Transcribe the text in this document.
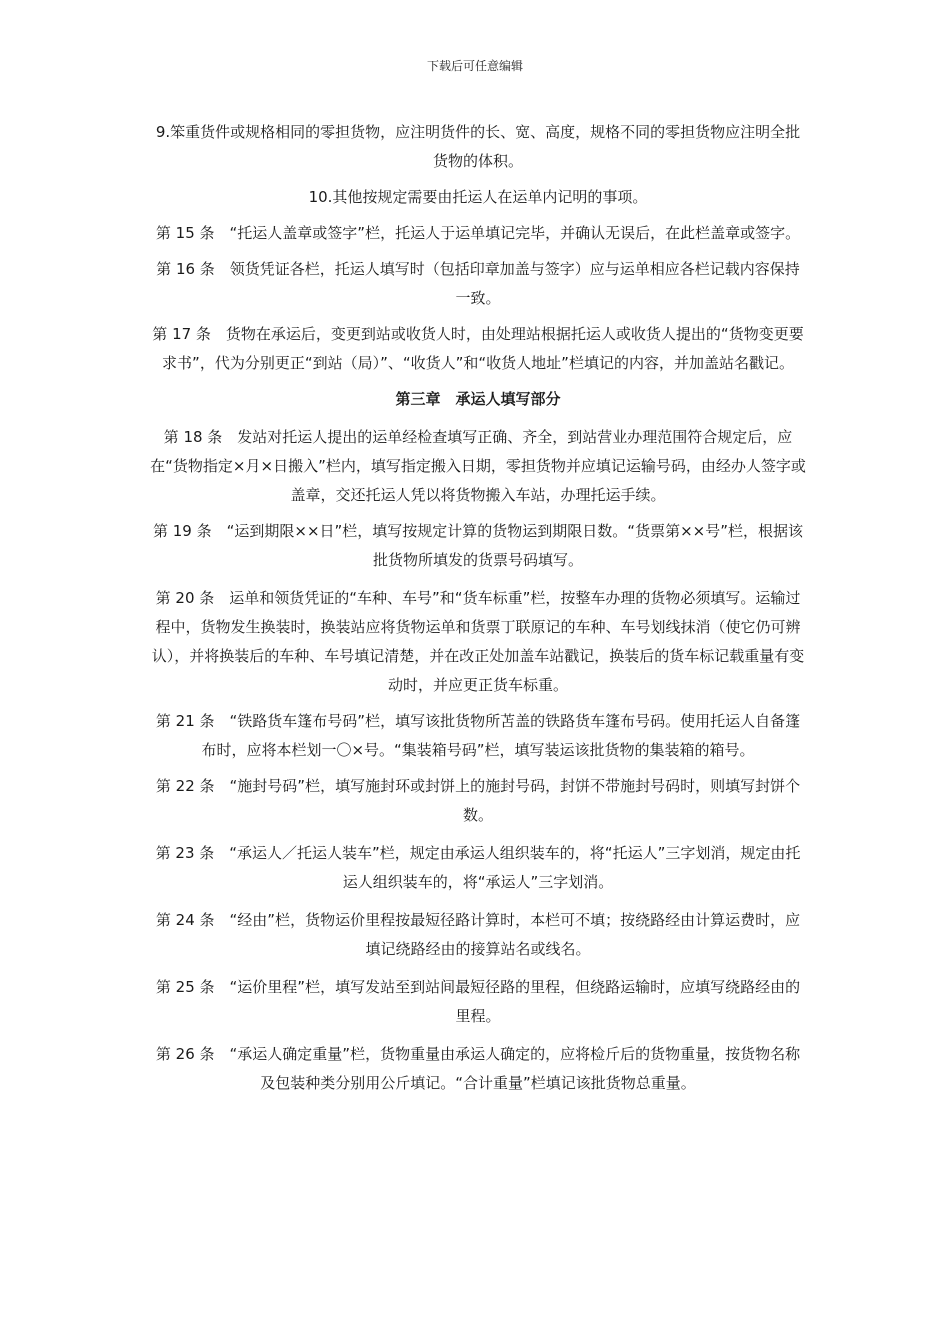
下载后可任意编辑

9.笨重货件或规格相同的零担货物，应注明货件的长、宽、高度，规格不同的零担货物应注明全批货物的体积。

10.其他按规定需要由托运人在运单内记明的事项。

第 15 条　“托运人盖章或签字”栏，托运人于运单填记完毕，并确认无误后，在此栏盖章或签字。

第 16 条　领货凭证各栏，托运人填写时（包括印章加盖与签字）应与运单相应各栏记载内容保持一致。

第 17 条　货物在承运后，变更到站或收货人时，由处理站根据托运人或收货人提出的“货物变更要求书”，代为分别更正“到站（局）”、“收货人”和“收货人地址”栏填记的内容，并加盖站名戳记。

第三章　承运人填写部分

第 18 条　发站对托运人提出的运单经检查填写正确、齐全，到站营业办理范围符合规定后，应在“货物指定×月×日搬入”栏内，填写指定搬入日期，零担货物并应填记运输号码，由经办人签字或盖章，交还托运人凭以将货物搬入车站，办理托运手续。

第 19 条　“运到期限××日”栏，填写按规定计算的货物运到期限日数。“货票第××号”栏，根据该批货物所填发的货票号码填写。

第 20 条　运单和领货凭证的“车种、车号”和“货车标重”栏，按整车办理的货物必须填写。运输过程中，货物发生换装时，换装站应将货物运单和货票丁联原记的车种、车号划线抹消（使它仍可辨认），并将换装后的车种、车号填记清楚，并在改正处加盖车站戳记，换装后的货车标记载重量有变动时，并应更正货车标重。

第 21 条　“铁路货车篷布号码”栏，填写该批货物所苫盖的铁路货车篷布号码。使用托运人自备篷布时，应将本栏划一〇×号。“集装箱号码”栏，填写装运该批货物的集装箱的箱号。

第 22 条　“施封号码”栏，填写施封环或封饼上的施封号码，封饼不带施封号码时，则填写封饼个数。

第 23 条　“承运人／托运人装车”栏，规定由承运人组织装车的，将“托运人”三字划消，规定由托运人组织装车的，将“承运人”三字划消。

第 24 条　“经由”栏，货物运价里程按最短径路计算时，本栏可不填；按绕路经由计算运费时，应填记绕路经由的接算站名或线名。

第 25 条　“运价里程”栏，填写发站至到站间最短径路的里程，但绕路运输时，应填写绕路经由的里程。

第 26 条　“承运人确定重量”栏，货物重量由承运人确定的，应将检斤后的货物重量，按货物名称及包装种类分别用公斤填记。“合计重量”栏填记该批货物总重量。
